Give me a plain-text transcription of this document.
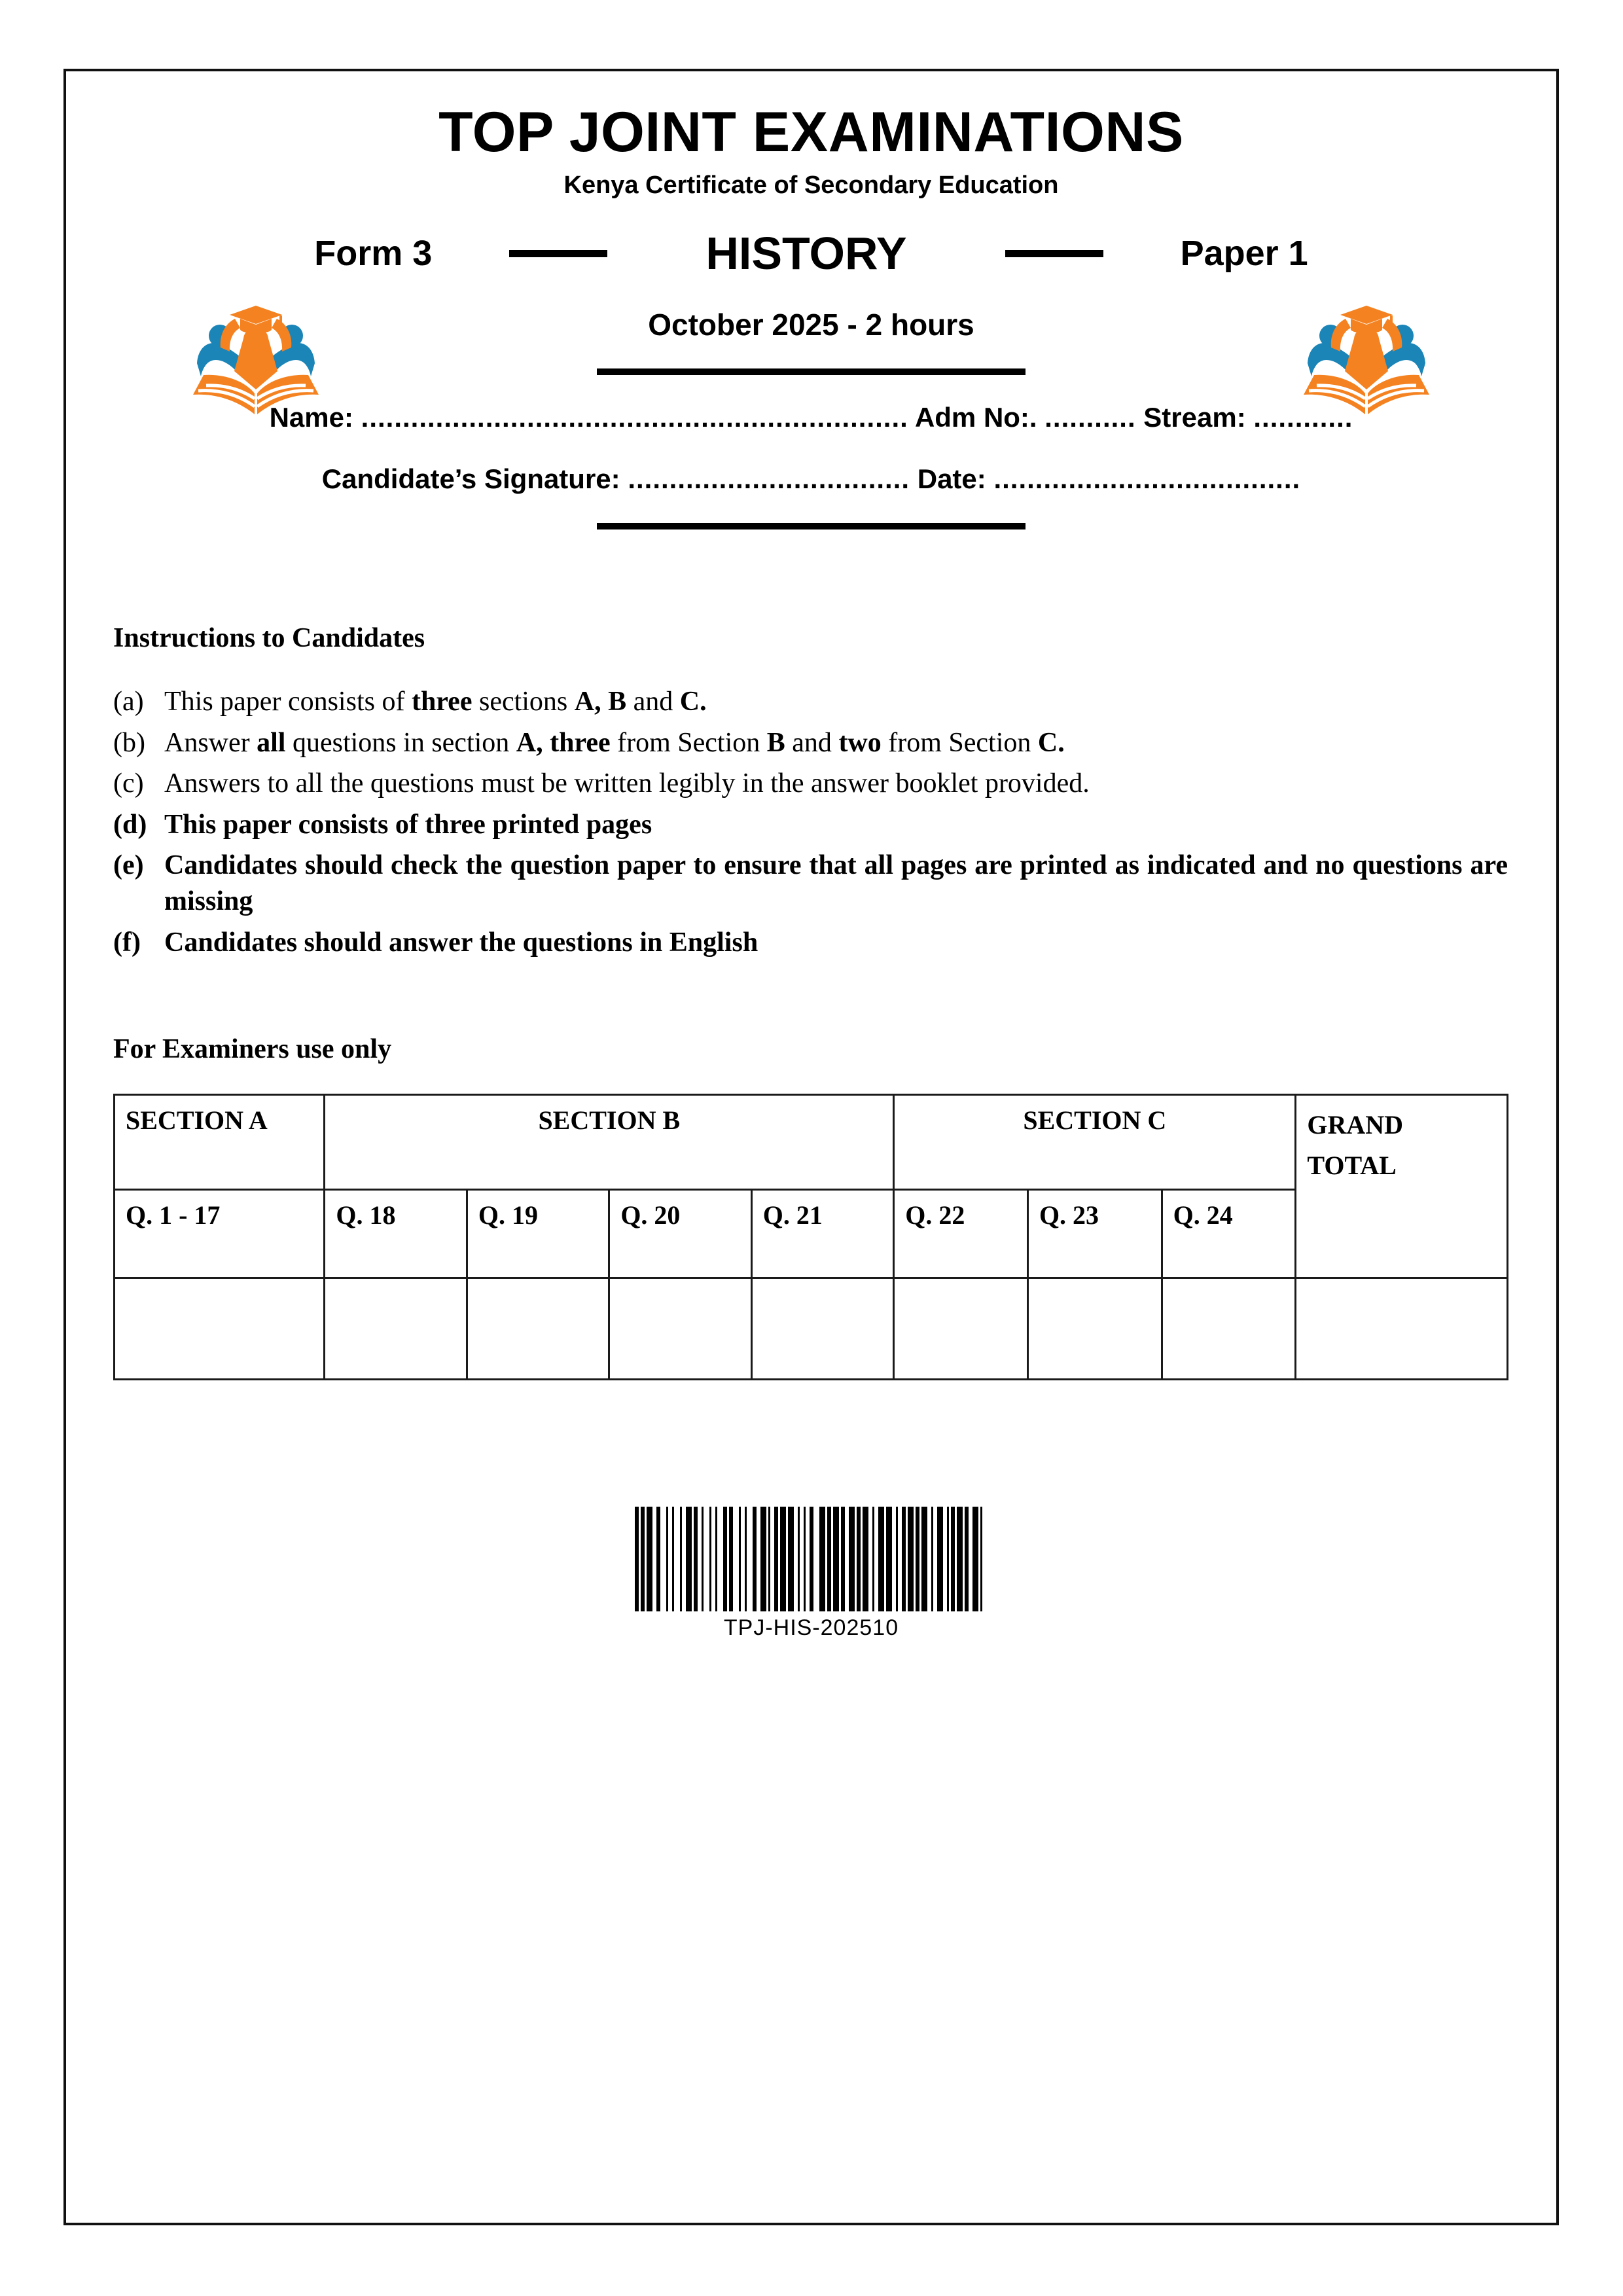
TOP JOINT EXAMINATIONS
Kenya Certificate of Secondary Education
Form 3	HISTORY	Paper 1
October 2025 - 2 hours
Name: .................................................................. Adm No:. ........... Stream: ............
Candidate’s Signature: .................................. Date: .....................................
Instructions to Candidates
(a) This paper consists of three sections A, B and C.
(b) Answer all questions in section A, three from Section B and two from Section C.
(c) Answers to all the questions must be written legibly in the answer booklet provided.
(d) This paper consists of three printed pages
(e) Candidates should check the question paper to ensure that all pages are printed as indicated and no questions are missing
(f) Candidates should answer the questions in English
For Examiners use only
SECTION A	SECTION B				SECTION C			GRAND TOTAL
Q. 1 - 17	Q. 18	Q. 19	Q. 20	Q. 21	Q. 22	Q. 23	Q. 24	

TPJ-HIS-202510
